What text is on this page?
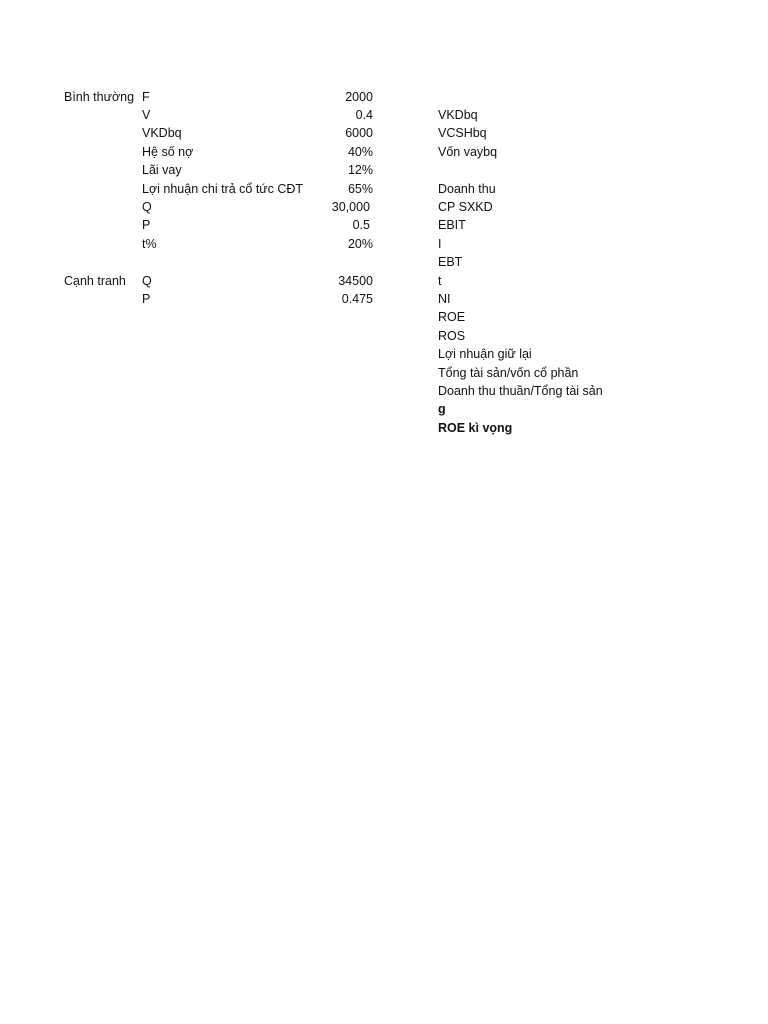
Bình thường F	2000
V	0.4
VKDbq	6000
Hệ số nợ	40%
Lãi vay	12%
Lợi nhuận chi trả cổ tức CĐT	65%
Q	30,000
P	0.5
t%	20%
Cạnh tranh Q	34500
P	0.475
VKDbq
VCSHbq
Vốn vaybq
Doanh thu
CP SXKD
EBIT
I
EBT
t
NI
ROE
ROS
Lợi nhuận giữ lại
Tổng tài sản/vốn cổ phần
Doanh thu thuần/Tổng tài sản
g
ROE kì vọng
